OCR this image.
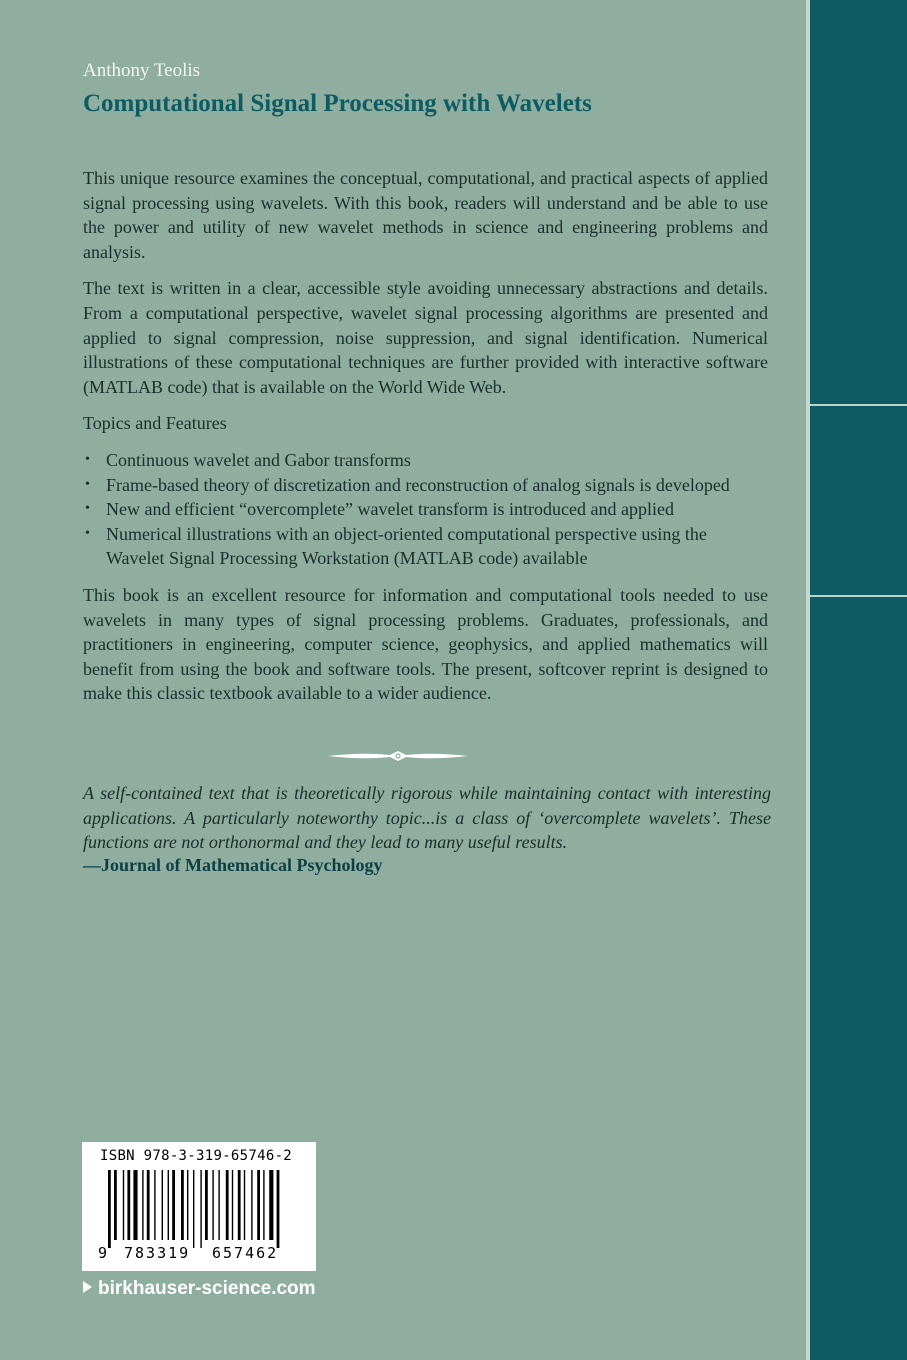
Anthony Teolis
Computational Signal Processing with Wavelets

This unique resource examines the conceptual, computational, and practical aspects of applied signal processing using wavelets. With this book, readers will understand and be able to use the power and utility of new wavelet methods in science and engineering problems and analysis.

The text is written in a clear, accessible style avoiding unnecessary abstractions and details. From a computational perspective, wavelet signal processing algorithms are presented and applied to signal compression, noise suppression, and signal identification. Numerical illustrations of these computational techniques are further provided with interactive software (MATLAB code) that is available on the World Wide Web.

Topics and Features
• Continuous wavelet and Gabor transforms
• Frame-based theory of discretization and reconstruction of analog signals is developed
• New and efficient “overcomplete” wavelet transform is introduced and applied
• Numerical illustrations with an object-oriented computational perspective using the Wavelet Signal Processing Workstation (MATLAB code) available

This book is an excellent resource for information and computational tools needed to use wavelets in many types of signal processing problems. Graduates, professionals, and practitioners in engineering, computer science, geophysics, and applied mathematics will benefit from using the book and software tools. The present, softcover reprint is designed to make this classic textbook available to a wider audience.

A self-contained text that is theoretically rigorous while maintaining contact with interesting applications. A particularly noteworthy topic...is a class of ‘overcomplete wavelets’. These functions are not orthonormal and they lead to many useful results.
—Journal of Mathematical Psychology
ISBN 978-3-319-65746-2
9 783319 657462
birkhauser-science.com
